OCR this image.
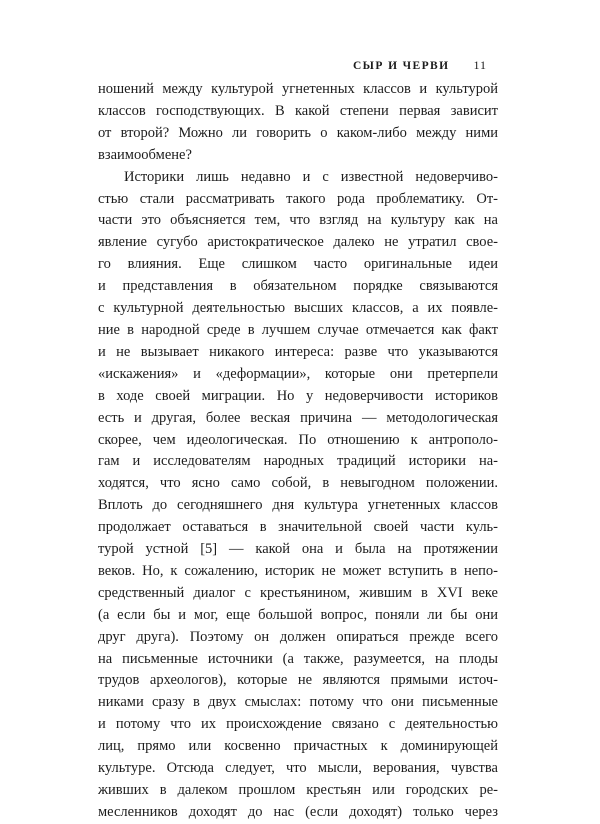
СЫР И ЧЕРВИ 11

ношений между культурой угнетенных классов и культурой

классов господствующих. В какой степени первая зависит

от второй? Можно ли говорить о каком-либо между ними

взаимообмене?

Историки лишь недавно и с известной недоверчиво-

стью стали рассматривать такого рода проблематику. От-

части это объясняется тем, что взгляд на культуру как на

явление сугубо аристократическое далеко не утратил свое-

го влияния. Еще слишком часто оригинальные идеи

и представления в обязательном порядке связываются

с культурной деятельностью высших классов, а их появле-

ние в народной среде в лучшем случае отмечается как факт

и не вызывает никакого интереса: разве что указываются

«искажения» и «деформации», которые они претерпели

в ходе своей миграции. Но у недоверчивости историков

есть и другая, более веская причина — методологическая

скорее, чем идеологическая. По отношению к антрополо-

гам и исследователям народных традиций историки на-

ходятся, что ясно само собой, в невыгодном положении.

Вплоть до сегодняшнего дня культура угнетенных классов

продолжает оставаться в значительной своей части куль-

турой устной [5] — какой она и была на протяжении

веков. Но, к сожалению, историк не может вступить в непо-

средственный диалог с крестьянином, жившим в XVI веке

(а если бы и мог, еще большой вопрос, поняли ли бы они

друг друга). Поэтому он должен опираться прежде всего

на письменные источники (а также, разумеется, на плоды

трудов археологов), которые не являются прямыми источ-

никами сразу в двух смыслах: потому что они письменные

и потому что их происхождение связано с деятельностью

лиц, прямо или косвенно причастных к доминирующей

культуре. Отсюда следует, что мысли, верования, чувства

живших в далеком прошлом крестьян или городских ре-

месленников доходят до нас (если доходят) только через
